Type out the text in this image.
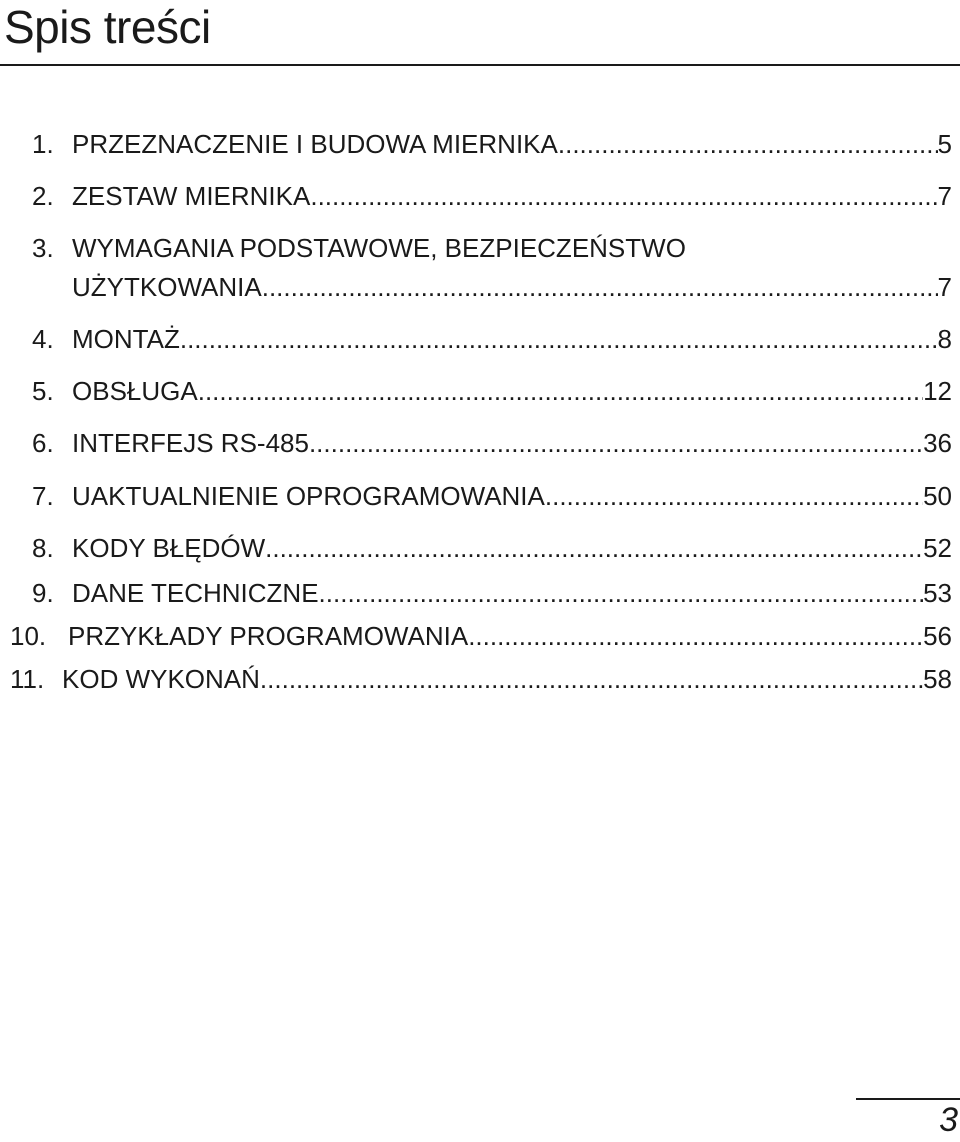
Spis treści
1. PRZEZNACZENIE I BUDOWA MIERNIKA .....	5
2. ZESTAW MIERNIKA .....	7
3. WYMAGANIA PODSTAWOWE, BEZPIECZEŃSTWO
UŻYTKOWANIA .....	7
4. MONTAŻ .....	8
5. OBSŁUGA .....	12
6. INTERFEJS RS-485 .....	36
7. UAKTUALNIENIE OPROGRAMOWANIA .....	50
8. KODY BŁĘDÓW .....	52
9. DANE TECHNICZNE .....	53
10. PRZYKŁADY PROGRAMOWANIA .....	56
11. KOD WYKONAŃ .....	58
3
